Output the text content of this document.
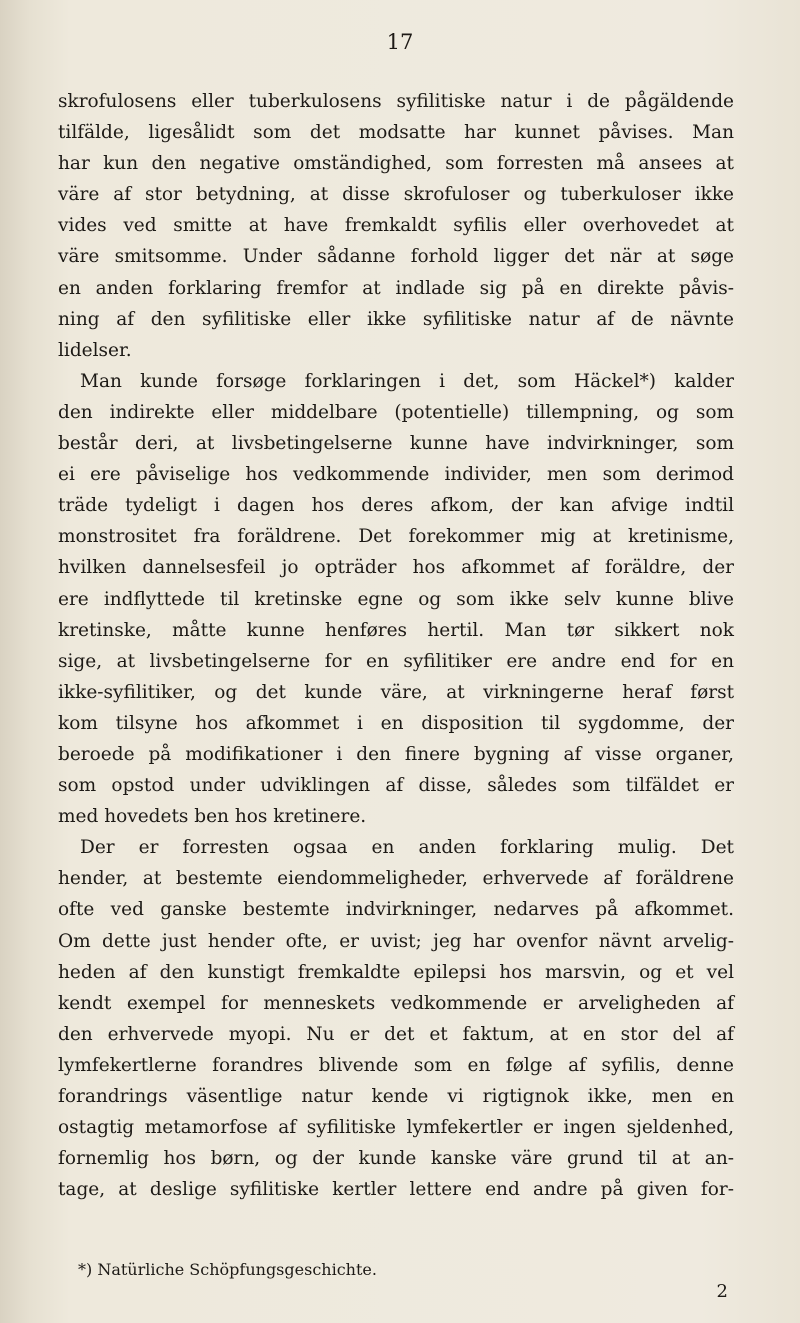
17
skrofulosens eller tuberkulosens syfilitiske natur i de pågäldende
tilfälde, ligesålidt som det modsatte har kunnet påvises. Man
har kun den negative omständighed, som forresten må ansees at
väre af stor betydning, at disse skrofuloser og tuberkuloser ikke
vides ved smitte at have fremkaldt syfilis eller overhovedet at
väre smitsomme. Under sådanne forhold ligger det när at søge
en anden forklaring fremfor at indlade sig på en direkte påvis-
ning af den syfilitiske eller ikke syfilitiske natur af de nävnte
lidelser.
Man kunde forsøge forklaringen i det, som Häckel*) kalder
den indirekte eller middelbare (potentielle) tillempning, og som
består deri, at livsbetingelserne kunne have indvirkninger, som
ei ere påviselige hos vedkommende individer, men som derimod
träde tydeligt i dagen hos deres afkom, der kan afvige indtil
monstrositet fra foräldrene. Det forekommer mig at kretinisme,
hvilken dannelsesfeil jo opträder hos afkommet af foräldre, der
ere indflyttede til kretinske egne og som ikke selv kunne blive
kretinske, måtte kunne henføres hertil. Man tør sikkert nok
sige, at livsbetingelserne for en syfilitiker ere andre end for en
ikke-syfilitiker, og det kunde väre, at virkningerne heraf først
kom tilsyne hos afkommet i en disposition til sygdomme, der
beroede på modifikationer i den finere bygning af visse organer,
som opstod under udviklingen af disse, således som tilfäldet er
med hovedets ben hos kretinere.
Der er forresten ogsaa en anden forklaring mulig. Det
hender, at bestemte eiendommeligheder, erhvervede af foräldrene
ofte ved ganske bestemte indvirkninger, nedarves på afkommet.
Om dette just hender ofte, er uvist; jeg har ovenfor nävnt arvelig-
heden af den kunstigt fremkaldte epilepsi hos marsvin, og et vel
kendt exempel for menneskets vedkommende er arveligheden af
den erhvervede myopi. Nu er det et faktum, at en stor del af
lymfekertlerne forandres blivende som en følge af syfilis, denne
forandrings väsentlige natur kende vi rigtignok ikke, men en
ostagtig metamorfose af syfilitiske lymfekertler er ingen sjeldenhed,
fornemlig hos børn, og der kunde kanske väre grund til at an-
tage, at deslige syfilitiske kertler lettere end andre på given for-
*) Natürliche Schöpfungsgeschichte.
2
